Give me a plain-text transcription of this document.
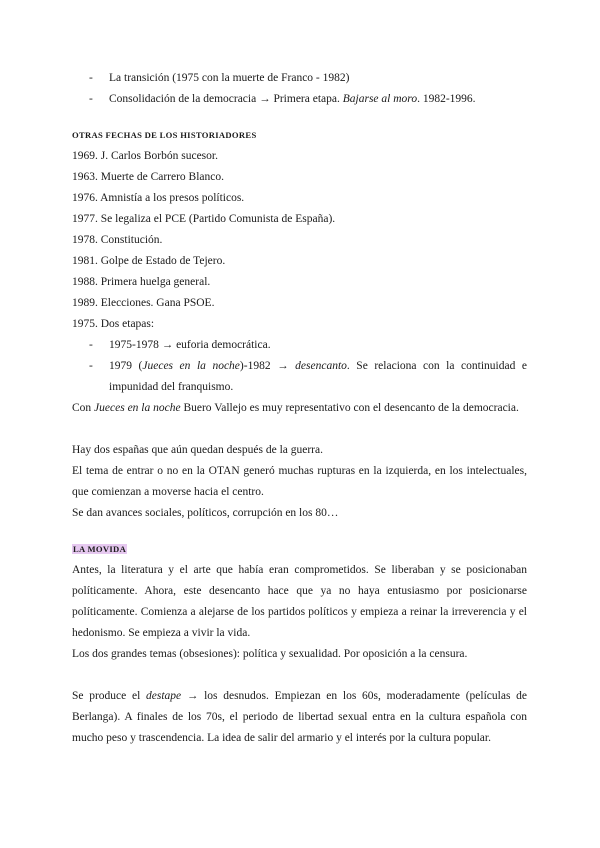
- La transición (1975 con la muerte de Franco - 1982)
- Consolidación de la democracia → Primera etapa. Bajarse al moro. 1982-1996.
OTRAS FECHAS DE LOS HISTORIADORES
1969. J. Carlos Borbón sucesor.
1963. Muerte de Carrero Blanco.
1976. Amnistía a los presos políticos.
1977. Se legaliza el PCE (Partido Comunista de España).
1978. Constitución.
1981. Golpe de Estado de Tejero.
1988. Primera huelga general.
1989. Elecciones. Gana PSOE.
1975. Dos etapas:
- 1975-1978 → euforia democrática.
- 1979 (Jueces en la noche)-1982 → desencanto. Se relaciona con la continuidad e impunidad del franquismo.
Con Jueces en la noche Buero Vallejo es muy representativo con el desencanto de la democracia.
Hay dos españas que aún quedan después de la guerra.
El tema de entrar o no en la OTAN generó muchas rupturas en la izquierda, en los intelectuales, que comienzan a moverse hacia el centro.
Se dan avances sociales, políticos, corrupción en los 80…
LA MOVIDA
Antes, la literatura y el arte que había eran comprometidos. Se liberaban y se posicionaban políticamente. Ahora, este desencanto hace que ya no haya entusiasmo por posicionarse políticamente. Comienza a alejarse de los partidos políticos y empieza a reinar la irreverencia y el hedonismo. Se empieza a vivir la vida.
Los dos grandes temas (obsesiones): política y sexualidad. Por oposición a la censura.
Se produce el destape → los desnudos. Empiezan en los 60s, moderadamente (películas de Berlanga). A finales de los 70s, el periodo de libertad sexual entra en la cultura española con mucho peso y trascendencia. La idea de salir del armario y el interés por la cultura popular.
